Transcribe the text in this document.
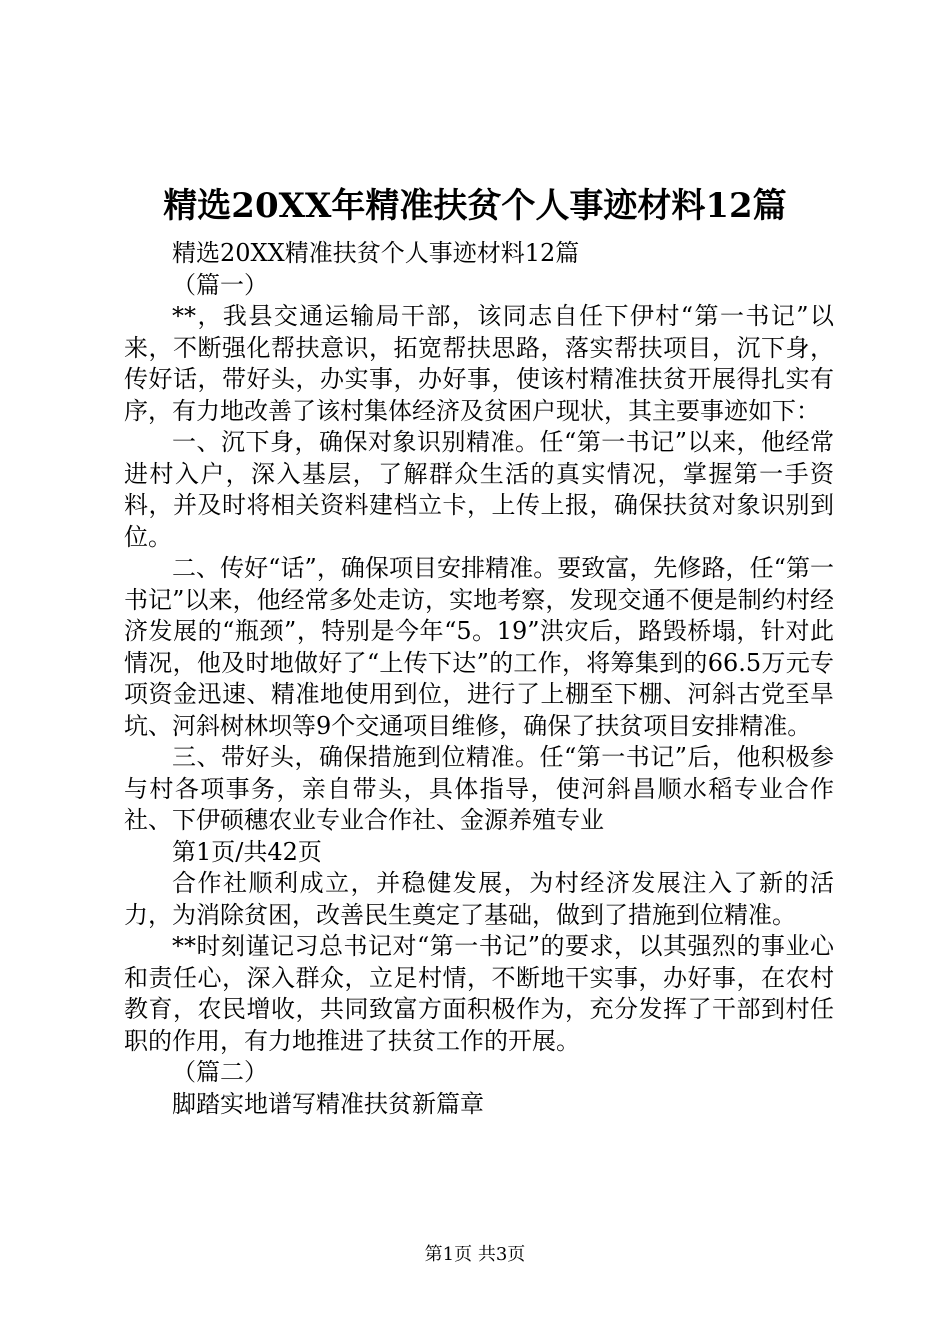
精选20XX年精准扶贫个人事迹材料12篇

精选20XX精准扶贫个人事迹材料12篇

（篇一）

**，我县交通运输局干部，该同志自任下伊村“第一书记”以来，不断强化帮扶意识，拓宽帮扶思路，落实帮扶项目，沉下身，传好话，带好头，办实事，办好事，使该村精准扶贫开展得扎实有序，有力地改善了该村集体经济及贫困户现状，其主要事迹如下：

一、沉下身，确保对象识别精准。任“第一书记”以来，他经常进村入户，深入基层，了解群众生活的真实情况，掌握第一手资料，并及时将相关资料建档立卡，上传上报，确保扶贫对象识别到位。

二、传好“话”，确保项目安排精准。要致富，先修路，任“第一书记”以来，他经常多处走访，实地考察，发现交通不便是制约村经济发展的“瓶颈”，特别是今年“5。19”洪灾后，路毁桥塌，针对此情况，他及时地做好了“上传下达”的工作，将筹集到的66.5万元专项资金迅速、精准地使用到位，进行了上棚至下棚、河斜古党至旱坑、河斜树林坝等9个交通项目维修，确保了扶贫项目安排精准。

三、带好头，确保措施到位精准。任“第一书记”后，他积极参与村各项事务，亲自带头，具体指导，使河斜昌顺水稻专业合作社、下伊硕穗农业专业合作社、金源养殖专业

第1页/共42页

合作社顺利成立，并稳健发展，为村经济发展注入了新的活力，为消除贫困，改善民生奠定了基础，做到了措施到位精准。

**时刻谨记习总书记对“第一书记”的要求，以其强烈的事业心和责任心，深入群众，立足村情，不断地干实事，办好事，在农村教育，农民增收，共同致富方面积极作为，充分发挥了干部到村任职的作用，有力地推进了扶贫工作的开展。

（篇二）

脚踏实地谱写精准扶贫新篇章

第1页 共3页
